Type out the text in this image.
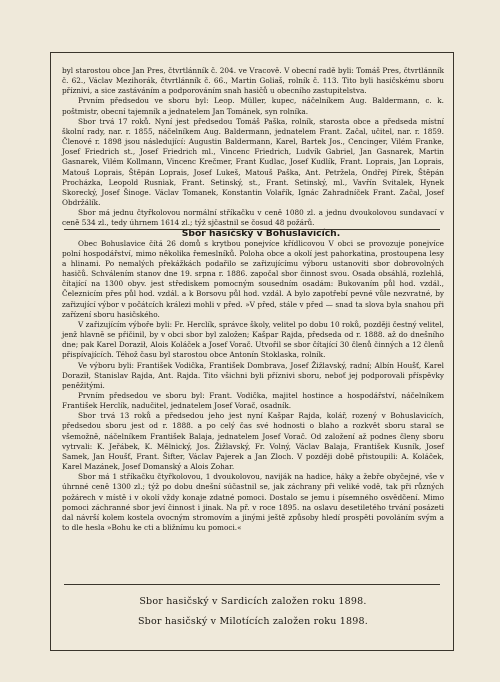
byl starostou obce Jan Pres, čtvrtlánník č. 204. ve Vracově. V obecní radě byli: Tomáš Pres, čtvrtlánník č. 62., Václav Mezihorák, čtvrtlánník č. 66., Martin Goliaš, rolník č. 113. Tito byli hasičskému sboru příznivi, a sice zastáváním a podporováním snah hasičů u obecního zastupitelstva.

Prvním předsedou ve sboru byl: Leop. Müller, kupec, náčelníkem Aug. Baldermann, c. k. poštmistr, obecní tajemník a jednatelem Jan Tománek, syn rolníka.

Sbor trvá 17 roků. Nyní jest předsedou Tomáš Paška, rolník, starosta obce a předseda místní školní rady, nar. r. 1855, náčelníkem Aug. Baldermann, jednatelem Frant. Začal, učitel, nar. r. 1859. Členové r. 1898 jsou následující: Augustin Baldermann, Karel, Bartek Jos., Cencinger, Vilém Franke, Josef Friedrich st., Josef Friedrich ml., Vincenc Friedrich, Ludvík Gabriel, Jan Gasnarek, Martin Gasnarek, Vilém Kollmann, Vincenc Krečmer, Frant Kudlac, Josef Kudlík, Frant. Loprais, Jan Loprais, Matouš Loprais, Štěpán Loprais, Josef Lukeš, Matouš Paška, Ant. Petržela, Ondřej Pírek, Štěpán Procházka, Leopold Rusniak, Frant. Setinský, st., Frant. Setinský, ml., Vavřín Svitalek, Hynek Skorecký, Josef Šinoge. Václav Tomanek, Konstantin Volařík, Ignác Zahradníček Frant. Začal, Josef Obdržálík.

Sbor má jednu čtyřkolovou normální stříkačku v ceně 1080 zl. a jednu dvoukolovou sundavací v ceně 534 zl., tedy úhrnem 1614 zl.; týž sjčastnil se čosud 48 požárů.

Sbor hasičský v Bohuslavicích.

Obec Bohuslavice čítá 26 domů s krytbou ponejvíce křídlicovou V obci se provozuje ponejvíce polní hospodářství, mimo několika řemeslníků. Poloha obce a okolí jest pahorkatina, prostoupena lesy a hlinami. Po nemalých překážkách podařilo se zařizujícímu výboru ustanoviti sbor dobrovolných hasičů. Schválením stanov dne 19. srpna r. 1886. započal sbor činnost svou. Osada obsáhlá, rozlehlá, čítající na 1300 obyv. jest střediskem pomocným sousedním osadám: Bukovaním půl hod. vzdál., Čeleznicím přes půl hod. vzdál. a k Borsovu půl hod. vzdál. A bylo zapotřebí pevné vůle nezvratné, by zařizující výbor v počátcích králezi mohli v před. »V před, stále v před — snad ta slova byla snahou při zařízení sboru hasičského.

V zařizujícím výboře byli: Fr. Herclík, správce školy, velitel po dobu 10 roků, později čestný velitel, jenž hlavně se přičinil, by v obci sbor byl založen; Kašpar Rajda, předseda od r. 1888. až do dnešního dne; pak Karel Doraził, Alois Koláček a Josef Vorač. Utvořil se sbor čítající 30 členů činných a 12 členů přispívajících. Téhož času byl starostou obce Antonín Stoklaska, rolník.

Ve výboru byli: František Vodička, František Dombrava, Josef Žižlavský, radní; Albín Houšť, Karel Doraził, Stanislav Rajda, Ant. Rajda. Tito všichni byli příznivi sboru, neboť jej podporovali příspěvky peněžitými.

Prvním předsedou ve sboru byl: Frant. Vodička, majitel hostince a hospodářství, náčelníkem František Herclík, nadučitel, jednatelem Josef Vorač, osadník.

Sbor trvá 13 roků a předsedou jeho jest nyní Kašpar Rajda, kolář, rozený v Bohuslavicích, předsedou sboru jest od r. 1888. a po celý čas své hodnosti o blaho a rozkvět sboru staral se všemožně, náčelníkem František Balaja, jednatelem Josef Vorač. Od založení až podnes členy sboru vytrvali: K. Jeřábek, K. Mělnický, Jos. Žižlavský, Fr. Volný, Václav Balaja, František Kusník, Josef Samek, Jan Houšť, Frant. Šifter, Václav Pajerek a Jan Zloch. V později době přistoupili: A. Koláček, Karel Mazánek, Josef Domanský a Alois Zohar.

Sbor má 1 stříkačku čtyřkolovou, 1 dvoukolovou, naviják na hadice, háky a žebře obyčejné, vše v úhrnné ceně 1300 zl.; týž po dobu dnešní súčastnil se, jak záchrany při veliké vodě, tak při různých požárech v místě i v okolí vždy konaje zdatné pomoci. Dostalo se jemu i písemného osvědčení. Mimo pomoci záchranné sbor jeví činnost i jinak. Na př. v roce 1895. na oslavu desetiletého trvání posázeti dal návrší kolem kostela ovocným stromovím a jinými ještě způsoby hledí prospěti povoláním svým a to dle hesla »Bohu ke cti a bližnímu ku pomoci.«

Sbor hasičský v Sardicích založen roku 1898.
Sbor hasičský v Milotících založen roku 1898.
